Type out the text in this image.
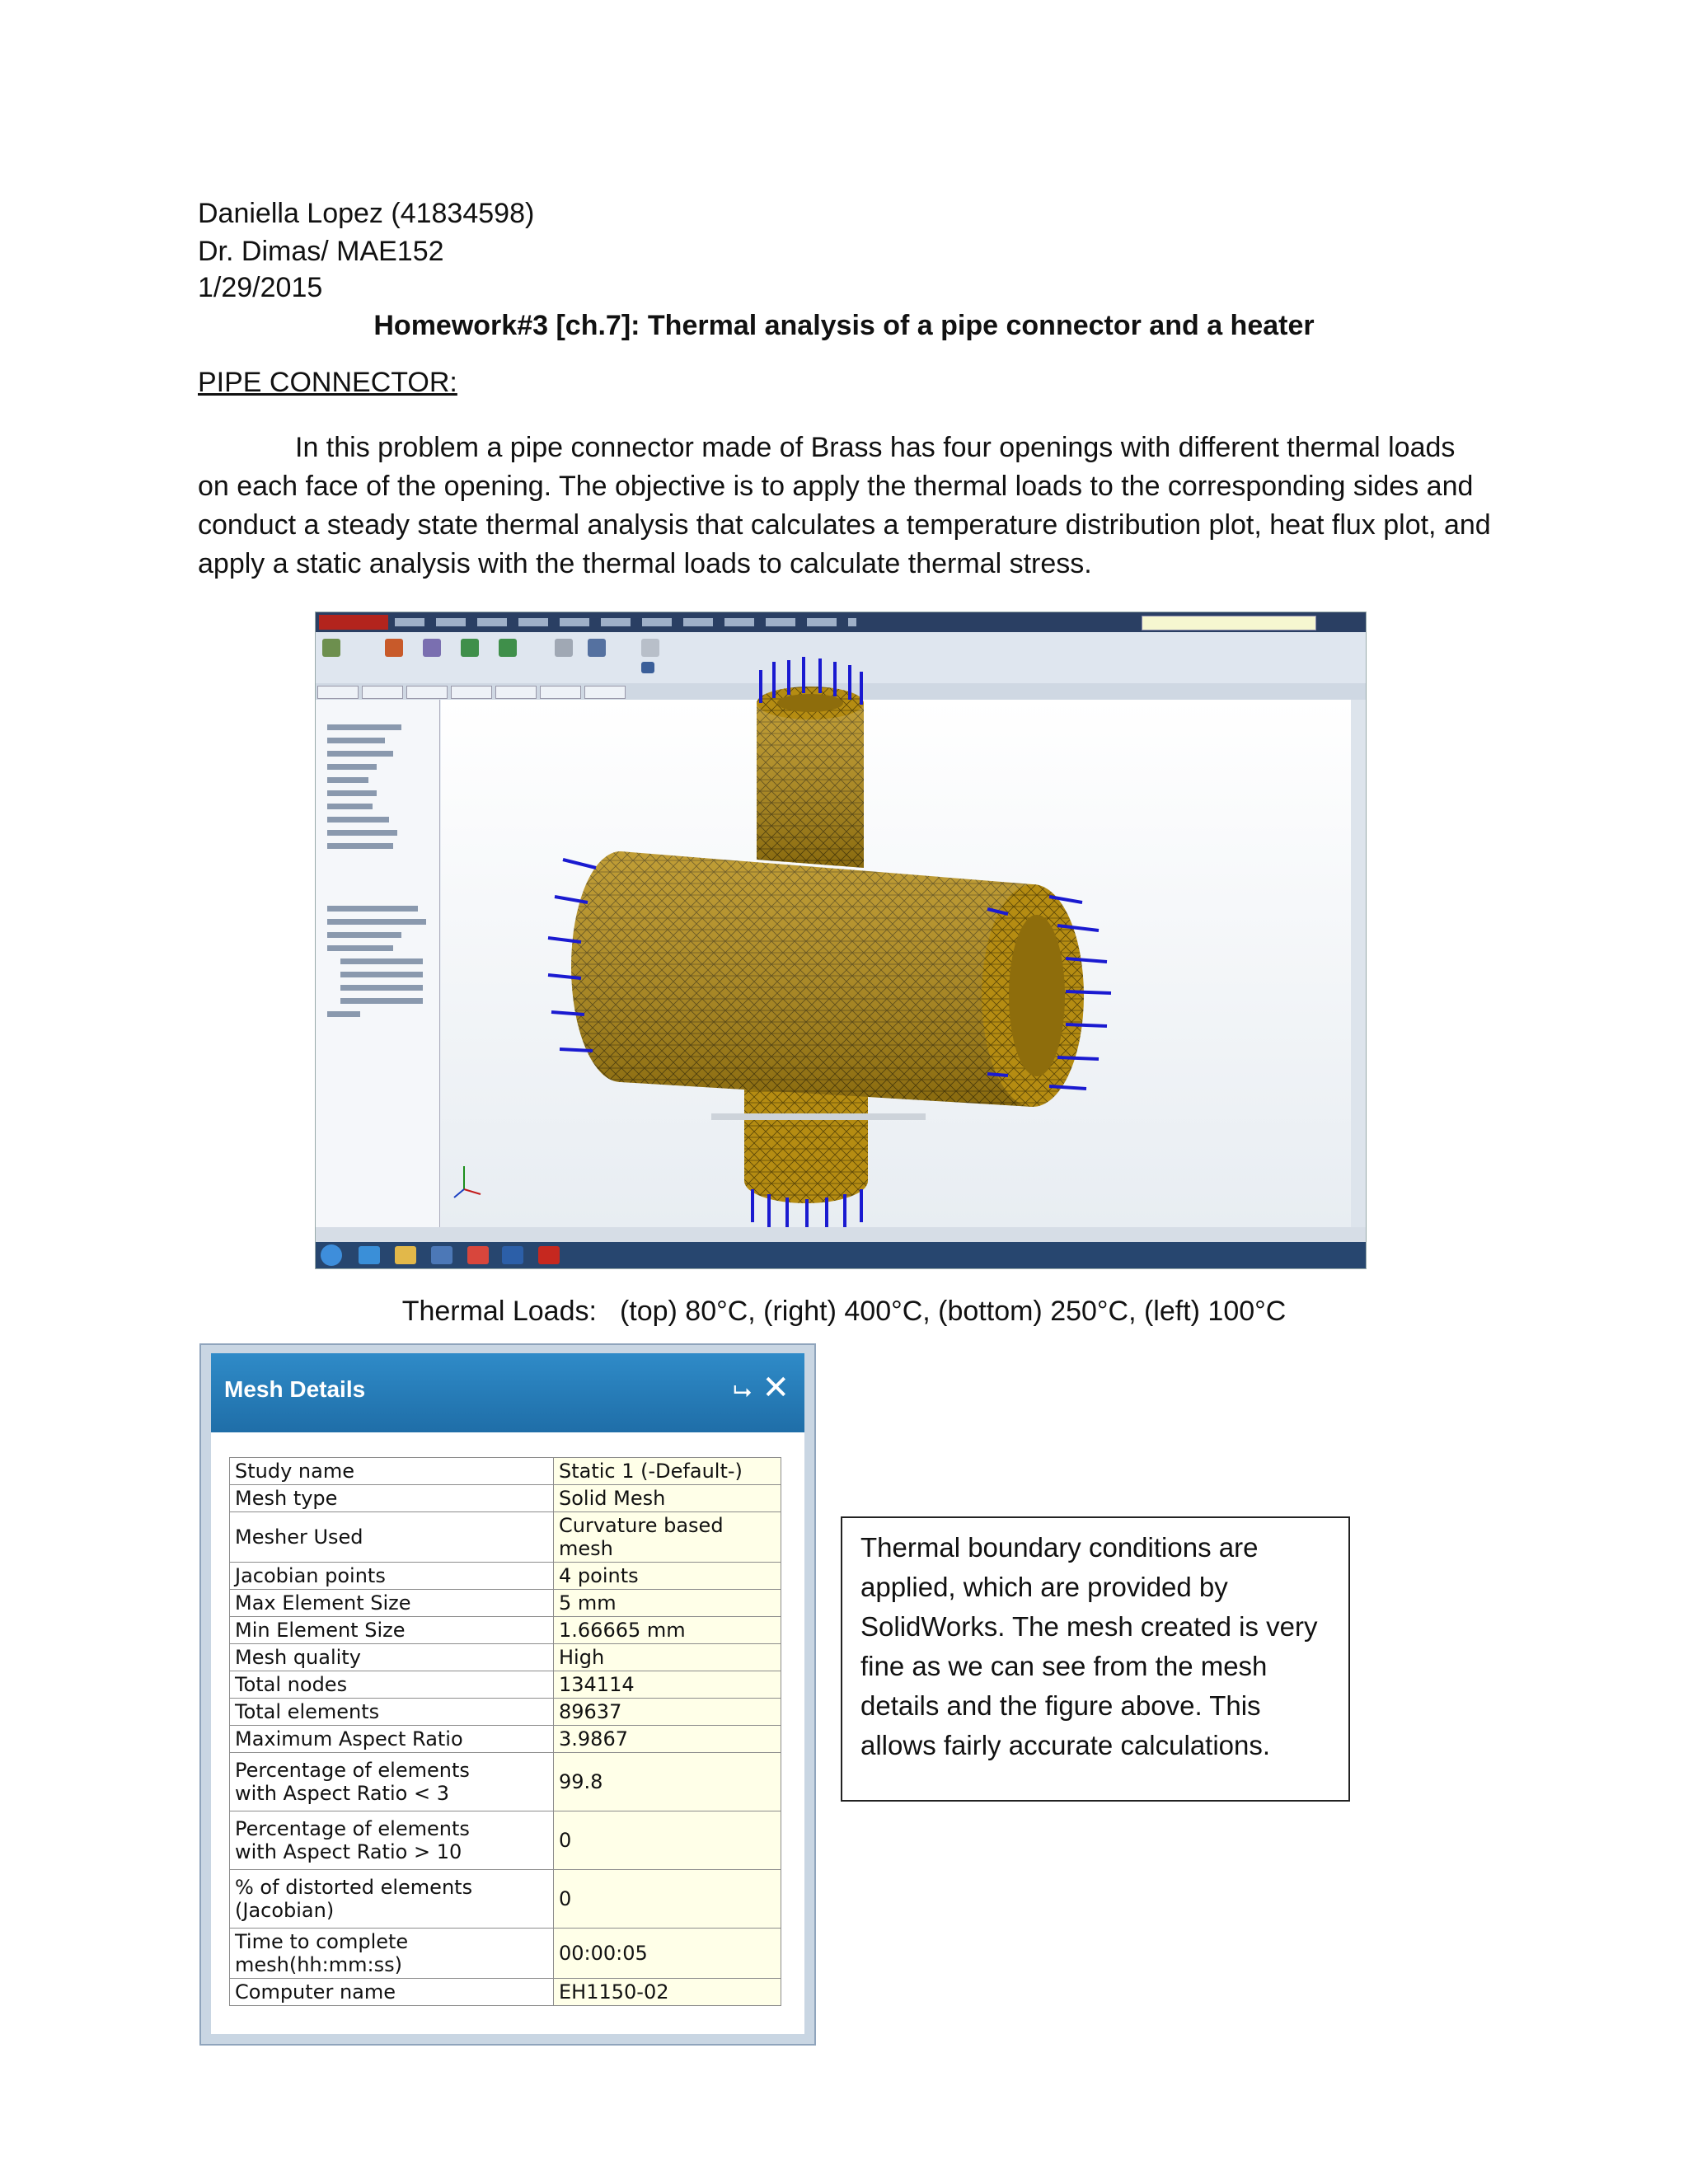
Daniella Lopez (41834598)
Dr. Dimas/ MAE152
1/29/2015
Homework#3 [ch.7]: Thermal analysis of a pipe connector and a heater
PIPE CONNECTOR:
In this problem a pipe connector made of Brass has four openings with different thermal loads on each face of the opening. The objective is to apply the thermal loads to the corresponding sides and conduct a steady state thermal analysis that calculates a temperature distribution plot, heat flux plot, and apply a static analysis with the thermal loads to calculate thermal stress.
Thermal Loads: (top) 80°C, (right) 400°C, (bottom) 250°C, (left) 100°C
Mesh Details	⮡ ✕
Study name	Static 1 (-Default-)
Mesh type	Solid Mesh
Mesher Used	Curvature based mesh
Jacobian points	4 points
Max Element Size	5 mm
Min Element Size	1.66665 mm
Mesh quality	High
Total nodes	134114
Total elements	89637
Maximum Aspect Ratio	3.9867

Percentage of elements
with Aspect Ratio < 3	99.8

Percentage of elements
with Aspect Ratio > 10	0

% of distorted elements
(Jacobian)	0
Time to complete mesh(hh:mm:ss)	00:00:05
Computer name	EH1150-02
Thermal boundary conditions are applied, which are provided by SolidWorks. The mesh created is very fine as we can see from the mesh details and the figure above. This allows fairly accurate calculations.
